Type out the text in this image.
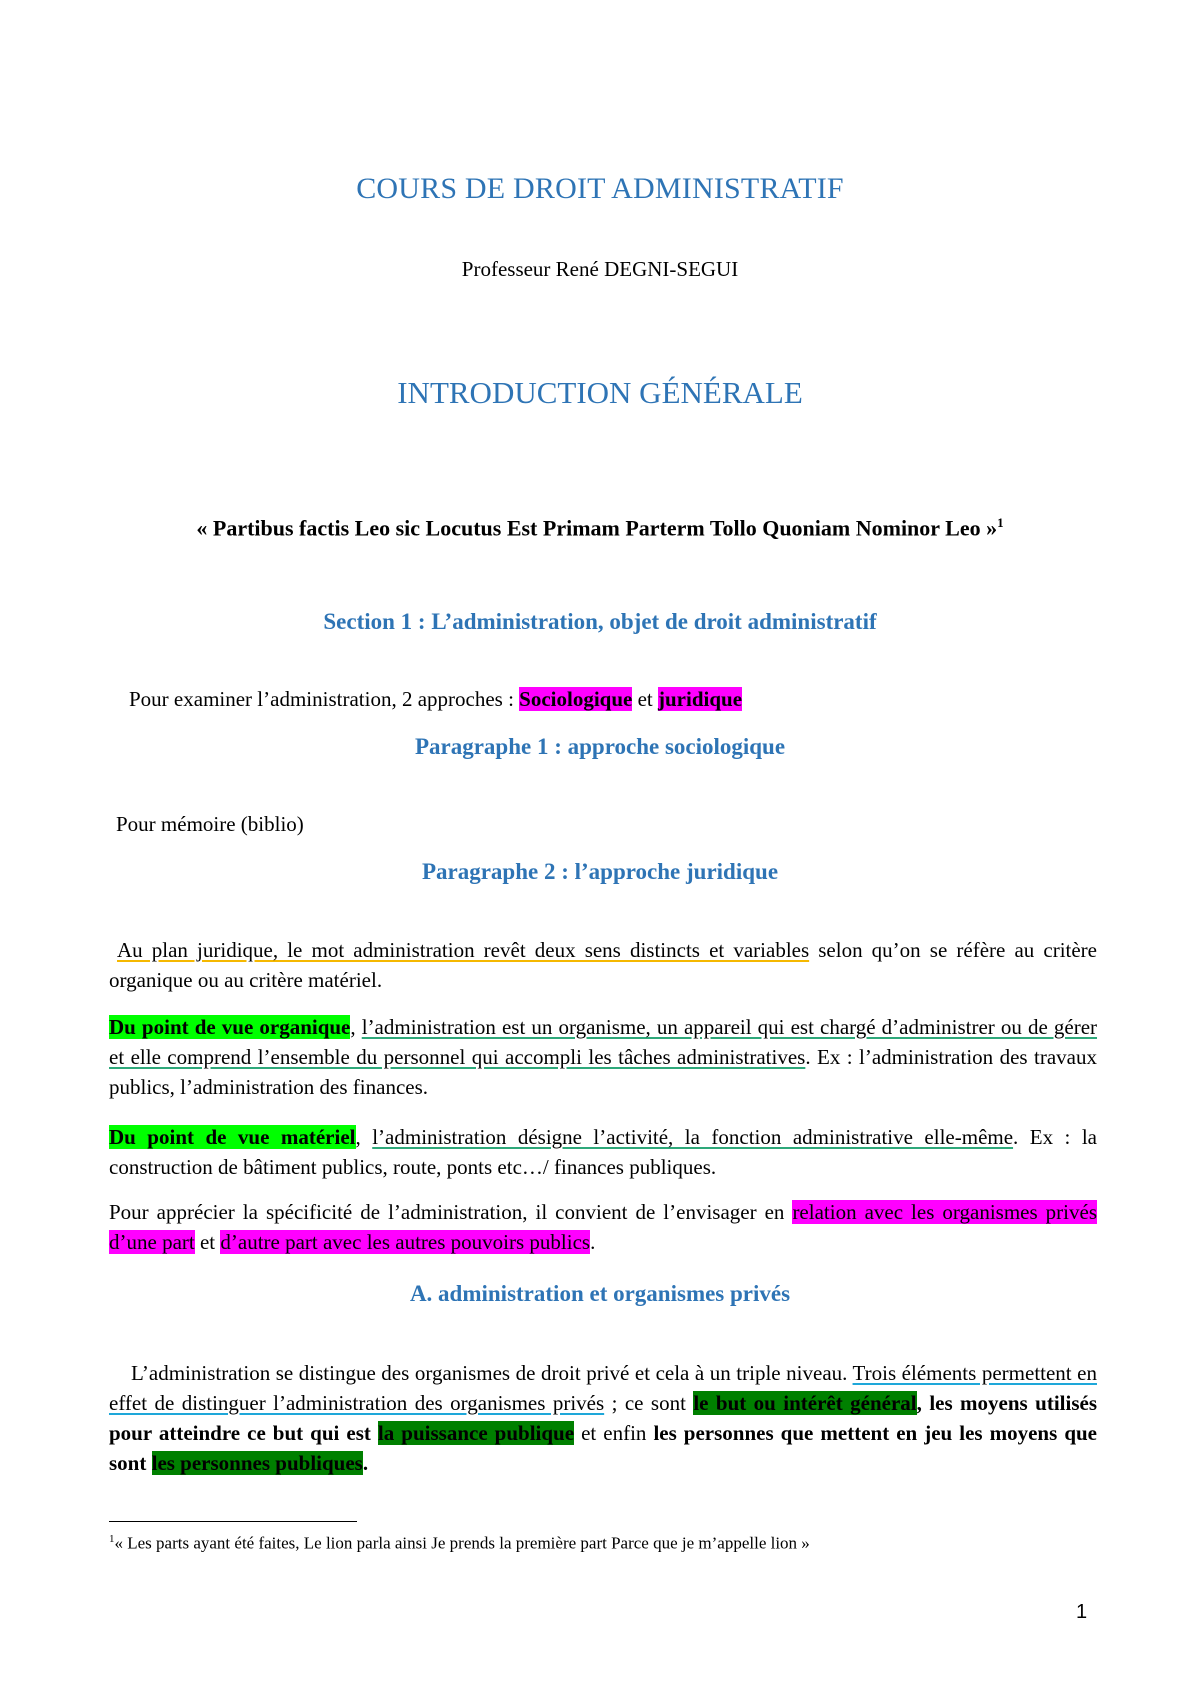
COURS DE DROIT ADMINISTRATIF
Professeur René DEGNI-SEGUI
INTRODUCTION GÉNÉRALE
« Partibus factis Leo sic Locutus Est Primam Parterm Tollo Quoniam Nominor Leo »$^1$
Section 1 : L’administration, objet de droit administratif
Pour examiner l’administration, 2 approches : Sociologique et juridique
Paragraphe 1 : approche sociologique
Pour mémoire (biblio)
Paragraphe 2 : l’approche juridique
Au plan juridique, le mot administration revêt deux sens distincts et variables selon qu’on se réfère au critère organique ou au critère matériel.
Du point de vue organique, l’administration est un organisme, un appareil qui est chargé d’administrer ou de gérer et elle comprend l’ensemble du personnel qui accompli les tâches administratives. Ex : l’administration des travaux publics, l’administration des finances.
Du point de vue matériel, l’administration désigne l’activité, la fonction administrative elle-même. Ex : la construction de bâtiment publics, route, ponts etc…/ finances publiques.
Pour apprécier la spécificité de l’administration, il convient de l’envisager en relation avec les organismes privés d’une part et d’autre part avec les autres pouvoirs publics.
A. administration et organismes privés
L’administration se distingue des organismes de droit privé et cela à un triple niveau. Trois éléments permettent en effet de distinguer l’administration des organismes privés ; ce sont le but ou intérêt général, les moyens utilisés pour atteindre ce but qui est la puissance publique et enfin les personnes que mettent en jeu les moyens que sont les personnes publiques.
$^1$« Les parts ayant été faites, Le lion parla ainsi Je prends la première part Parce que je m’appelle lion »
1
